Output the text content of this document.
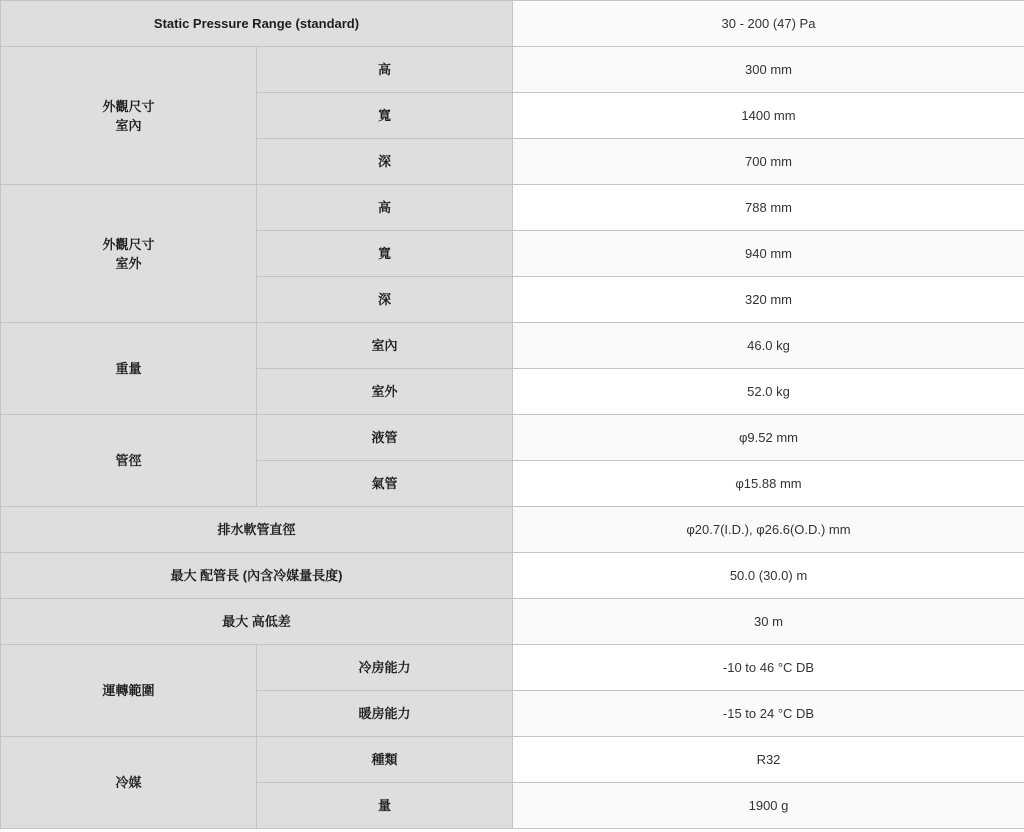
Static Pressure Range (standard)		30 - 200 (47) Pa

外觀尺寸
室內	高	300 mm
	寬	1400 mm
	深	700 mm

外觀尺寸
室外	高	788 mm
	寬	940 mm
	深	320 mm
重量	室內	46.0 kg
	室外	52.0 kg
管徑	液管	φ9.52 mm
	氣管	φ15.88 mm
排水軟管直徑		φ20.7(I.D.), φ26.6(O.D.) mm
最大 配管長 (內含冷媒量長度)		50.0 (30.0) m
最大 高低差		30 m
運轉範圍	冷房能力	-10 to 46 °C DB
	暖房能力	-15 to 24 °C DB
冷媒	種類	R32
	量	1900 g
